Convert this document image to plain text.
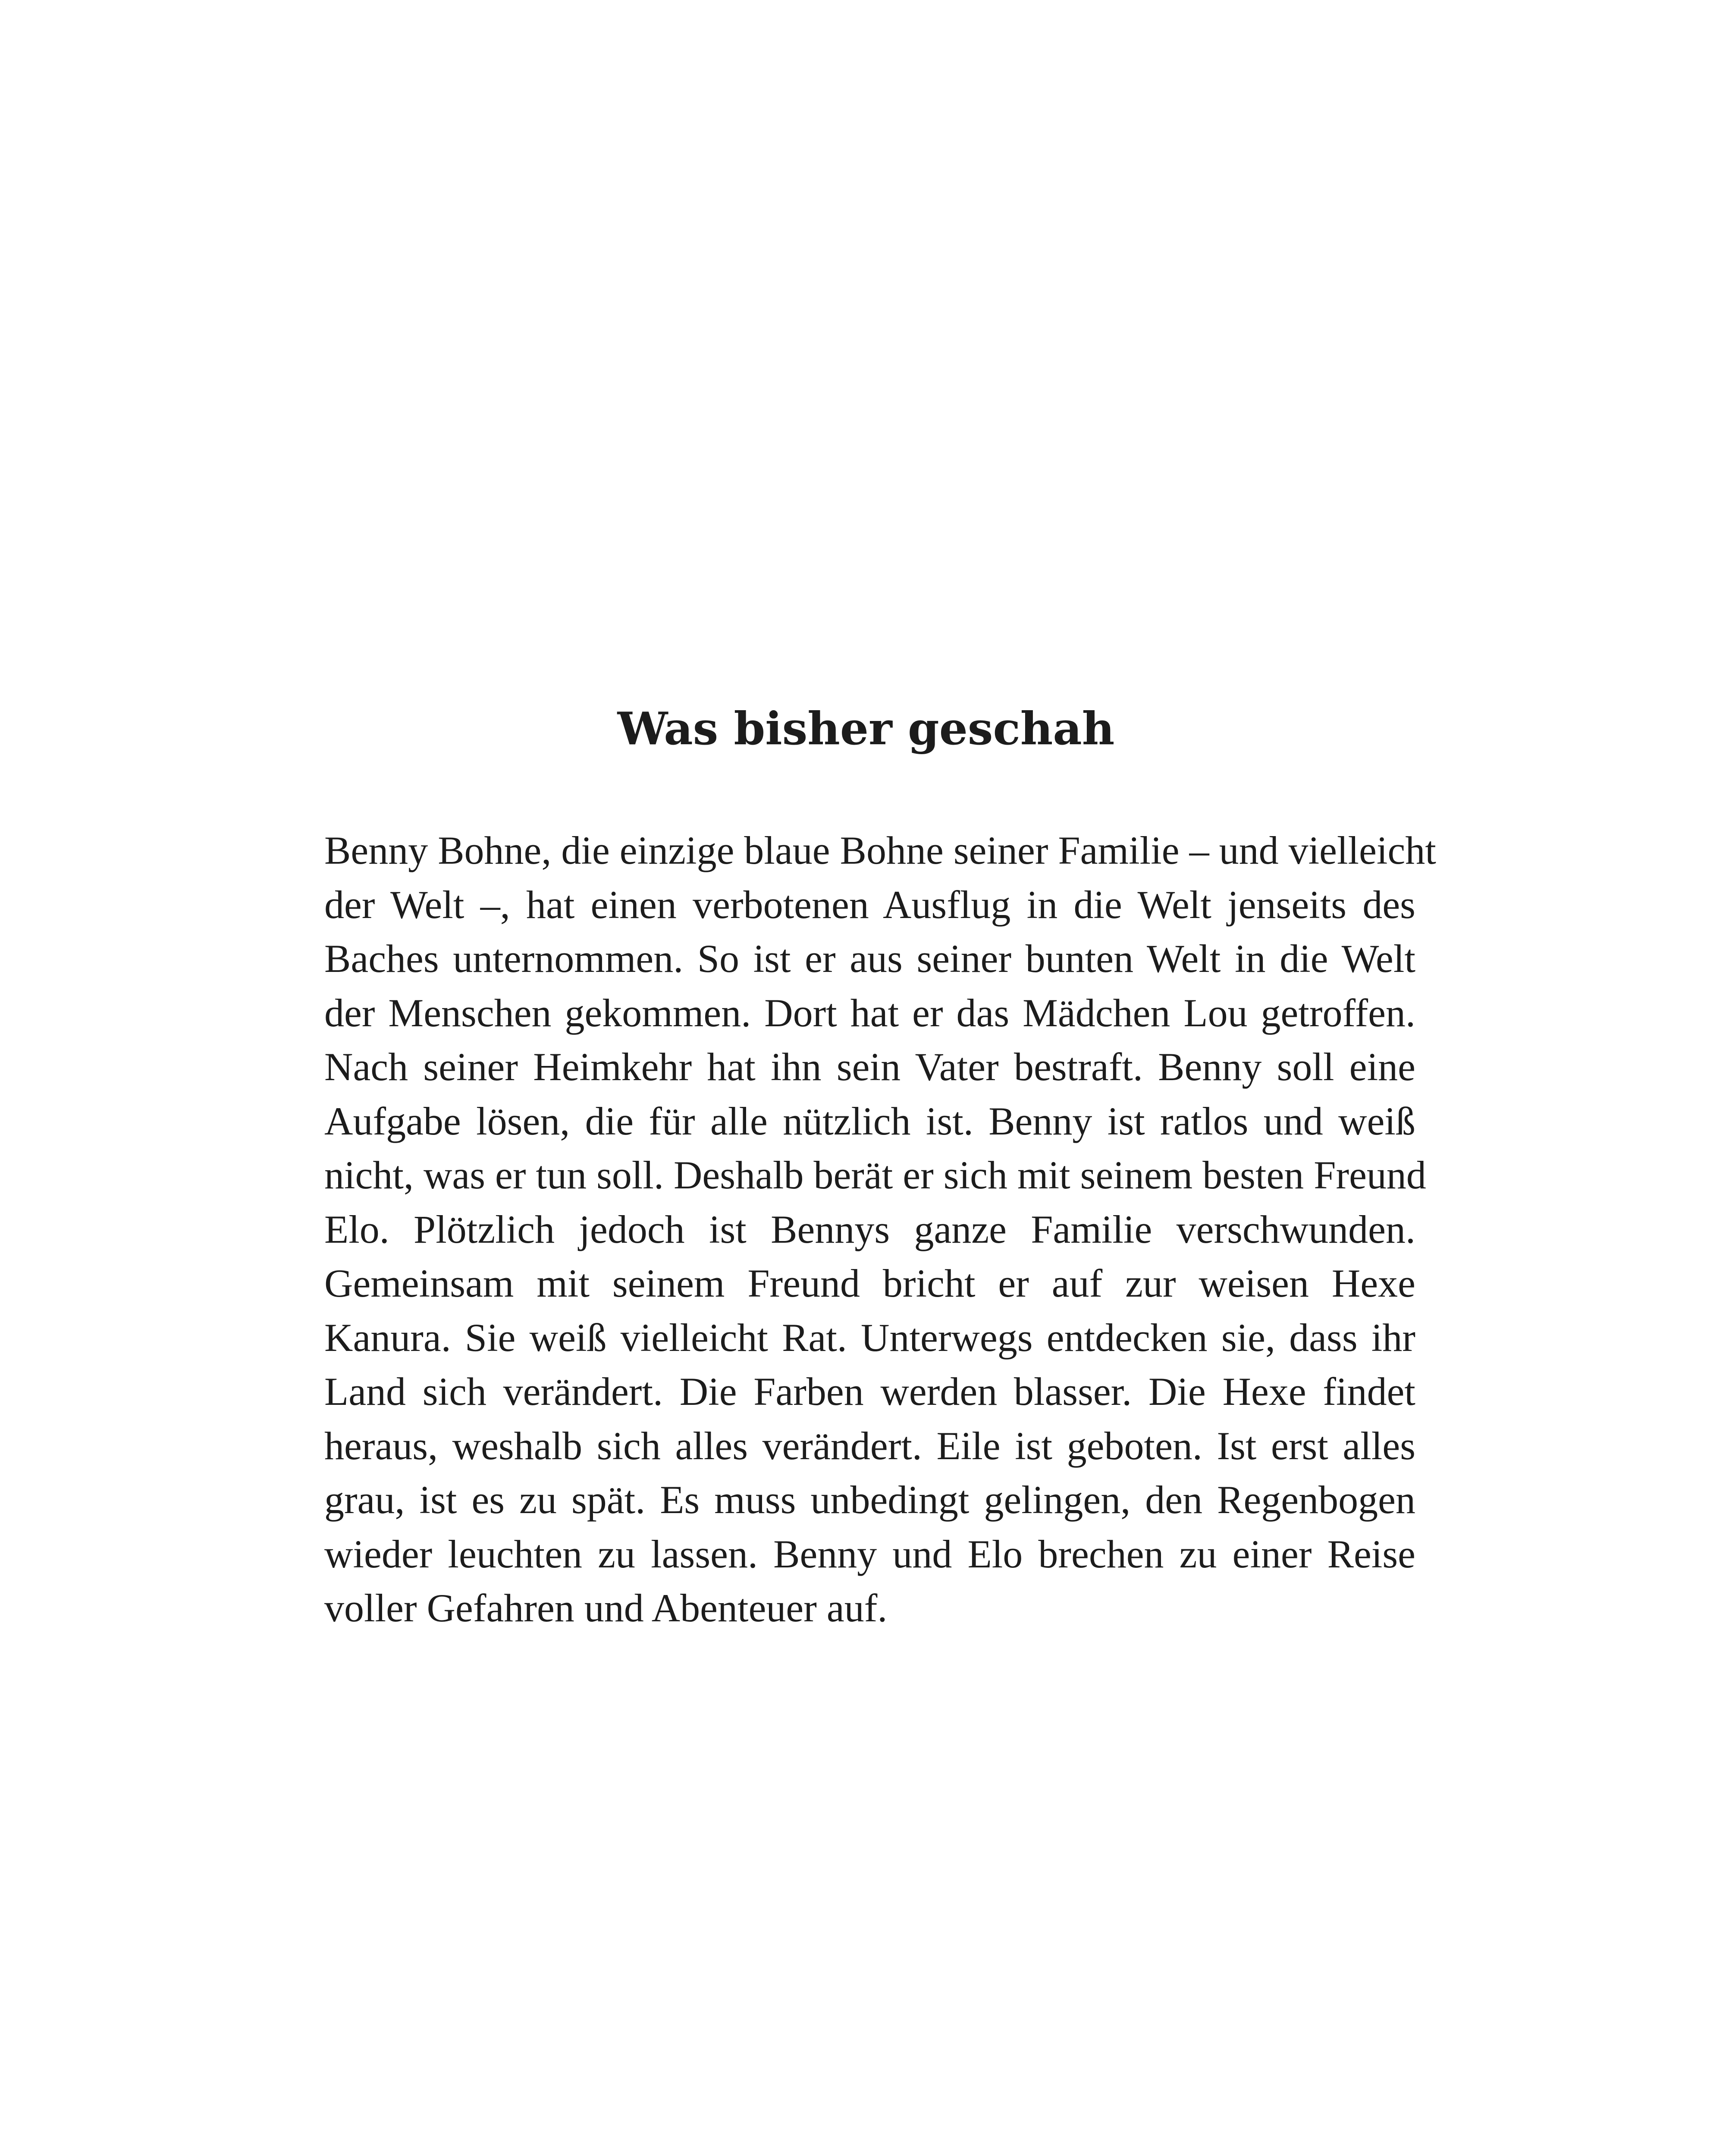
Was bisher geschah
Benny Bohne, die einzige blaue Bohne seiner Familie – und vielleicht
der Welt –, hat einen verbotenen Ausflug in die Welt jenseits des
Baches unternommen. So ist er aus seiner bunten Welt in die Welt
der Menschen gekommen. Dort hat er das Mädchen Lou getroffen.
Nach seiner Heimkehr hat ihn sein Vater bestraft. Benny soll eine
Aufgabe lösen, die für alle nützlich ist. Benny ist ratlos und weiß
nicht, was er tun soll. Deshalb berät er sich mit seinem besten Freund
Elo. Plötzlich jedoch ist Bennys ganze Familie verschwunden.
Gemeinsam mit seinem Freund bricht er auf zur weisen Hexe
Kanura. Sie weiß vielleicht Rat. Unterwegs entdecken sie, dass ihr
Land sich verändert. Die Farben werden blasser. Die Hexe findet
heraus, weshalb sich alles verändert. Eile ist geboten. Ist erst alles
grau, ist es zu spät. Es muss unbedingt gelingen, den Regenbogen
wieder leuchten zu lassen. Benny und Elo brechen zu einer Reise
voller Gefahren und Abenteuer auf.
